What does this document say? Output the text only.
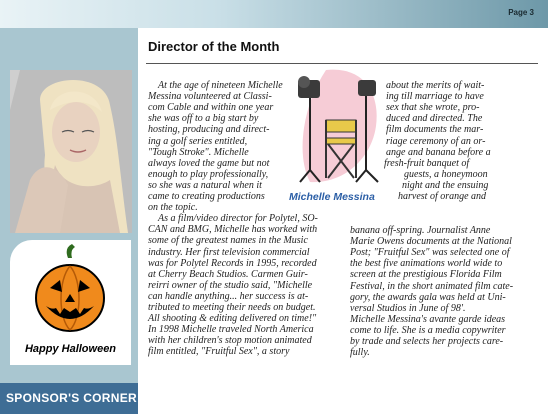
Page 3
Happy Halloween
SPONSOR'S CORNER
Director of the Month
Michelle Messina
At the age of nineteen Michelle
Messina volunteered at Classi-
com Cable and within one year
she was off to a big start by
hosting, producing and direct-
ing a golf series entitled,
"Tough Stroke". Michelle
always loved the game but not
enough to play professionally,
so she was a natural when it
came to creating productions
on the topic.
As a film/video director for Polytel, SO-
CAN and BMG, Michelle has worked with
some of the greatest names in the Music
industry. Her first television commercial
was for Polytel Records in 1995, recorded
at Cherry Beach Studios. Carmen Guir-
reirri owner of the studio said, "Michelle
can handle anything... her success is at-
tributed to meeting their needs on budget.
All shooting & editing delivered on time!"
In 1998 Michelle traveled North America
with her children's stop motion animated
film entitled, "Fruitful Sex", a story
about the merits of wait-
ing till marriage to have
sex that she wrote, pro-
duced and directed. The
film documents the mar-
riage ceremony of an or-
ange and banana before a
fresh-fruit banquet of
guests, a honeymoon
night and the ensuing
harvest of orange and
banana off-spring. Journalist Anne
Marie Owens documents at the National
Post; "Fruitful Sex" was selected one of
the best five animations world wide to
screen at the prestigious Florida Film
Festival, in the short animated film cate-
gory, the awards gala was held at Uni-
versal Studios in June of 98'.
Michelle Messina's avante garde ideas
come to life. She is a media copywriter
by trade and selects her projects care-
fully.
